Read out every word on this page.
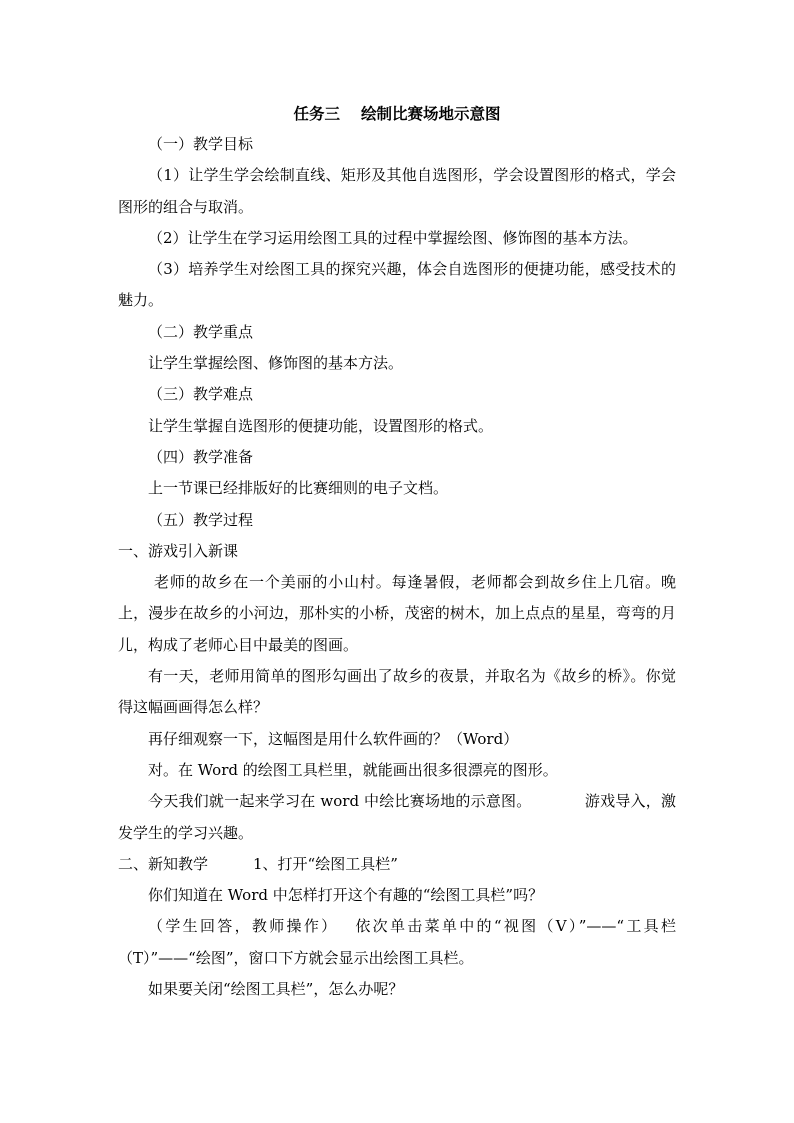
任务三　 绘制比赛场地示意图

（一）教学目标

（1）让学生学会绘制直线、矩形及其他自选图形，学会设置图形的格式，学会图形的组合与取消。

（2）让学生在学习运用绘图工具的过程中掌握绘图、修饰图的基本方法。

（3）培养学生对绘图工具的探究兴趣，体会自选图形的便捷功能，感受技术的魅力。

（二）教学重点

让学生掌握绘图、修饰图的基本方法。

（三）教学难点

让学生掌握自选图形的便捷功能，设置图形的格式。

（四）教学准备

上一节课已经排版好的比赛细则的电子文档。

（五）教学过程

一、游戏引入新课

老师的故乡在一个美丽的小山村。每逢暑假，老师都会到故乡住上几宿。晚上，漫步在故乡的小河边，那朴实的小桥，茂密的树木，加上点点的星星，弯弯的月儿，构成了老师心目中最美的图画。

有一天，老师用简单的图形勾画出了故乡的夜景，并取名为《故乡的桥》。你觉得这幅画画得怎么样？

再仔细观察一下，这幅图是用什么软件画的？（Word）

对。在 Word 的绘图工具栏里，就能画出很多很漂亮的图形。

今天我们就一起来学习在 word 中绘比赛场地的示意图。　　　　游戏导入，激发学生的学习兴趣。

二、新知教学　　　1、打开“绘图工具栏”

你们知道在 Word 中怎样打开这个有趣的“绘图工具栏”吗？

（学生回答，教师操作）　 依次单击菜单中的“视图（V）”——“工具栏（T）”——“绘图”，窗口下方就会显示出绘图工具栏。

如果要关闭“绘图工具栏”，怎么办呢？
